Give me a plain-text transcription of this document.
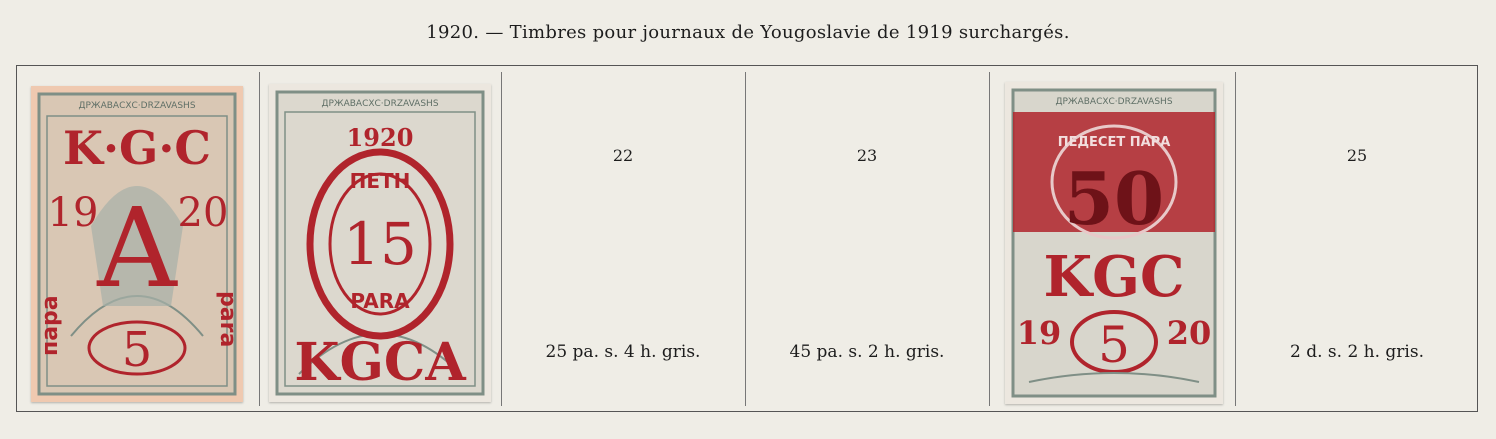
1920. — Timbres pour journaux de Yougoslavie de 1919 surchargés.
ДРЖАВАСХС·DRZAVASHS
K·G·C
19 20
A
пара	para
5
ДРЖАВАСХС·DRZAVASHS
1920
ПЕТН
15
PARA
KGCA
22
25 pa. s. 4 h. gris.
23
45 pa. s. 2 h. gris.
ДРЖАВАСХС·DRZAVASHS
ПЕДЕСЕТ ПАРА
50
KGC
19	20
5
25
2 d. s. 2 h. gris.
